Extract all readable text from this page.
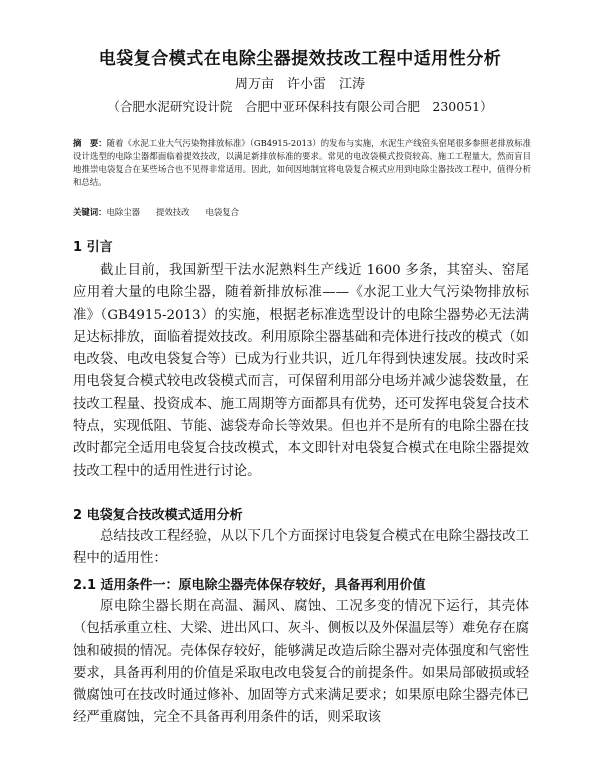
电袋复合模式在电除尘器提效技改工程中适用性分析
周万亩　许小雷　江涛
（合肥水泥研究设计院　合肥中亚环保科技有限公司合肥　230051）
摘　要：随着《水泥工业大气污染物排放标准》（GB4915-2013）的发布与实施，水泥生产线窑头窑尾很多参照老排放标准设计选型的电除尘器都面临着提效技改，以满足新排放标准的要求。常见的电改袋模式投资较高、施工工程量大，然而盲目地推崇电袋复合在某些场合也不见得非常适用。因此，如何因地制宜将电袋复合模式应用到电除尘器技改工程中，值得分析和总结。
关键词：电除尘器 提效技改 电袋复合
1 引言
截止目前，我国新型干法水泥熟料生产线近 1600 多条，其窑头、窑尾应用着大量的电除尘器，随着新排放标准——《水泥工业大气污染物排放标准》（GB4915-2013）的实施，根据老标准选型设计的电除尘器势必无法满足达标排放，面临着提效技改。利用原除尘器基础和壳体进行技改的模式（如电改袋、电改电袋复合等）已成为行业共识，近几年得到快速发展。技改时采用电袋复合模式较电改袋模式而言，可保留利用部分电场并减少滤袋数量，在技改工程量、投资成本、施工周期等方面都具有优势，还可发挥电袋复合技术特点，实现低阻、节能、滤袋寿命长等效果。但也并不是所有的电除尘器在技改时都完全适用电袋复合技改模式，本文即针对电袋复合模式在电除尘器提效技改工程中的适用性进行讨论。
2 电袋复合技改模式适用分析
总结技改工程经验，从以下几个方面探讨电袋复合模式在电除尘器技改工程中的适用性：
2.1 适用条件一：原电除尘器壳体保存较好，具备再利用价值
原电除尘器长期在高温、漏风、腐蚀、工况多变的情况下运行，其壳体（包括承重立柱、大梁、进出风口、灰斗、侧板以及外保温层等）难免存在腐蚀和破损的情况。壳体保存较好，能够满足改造后除尘器对壳体强度和气密性要求，具备再利用的价值是采取电改电袋复合的前提条件。如果局部破损或轻微腐蚀可在技改时通过修补、加固等方式来满足要求；如果原电除尘器壳体已经严重腐蚀，完全不具备再利用条件的话，则采取该
